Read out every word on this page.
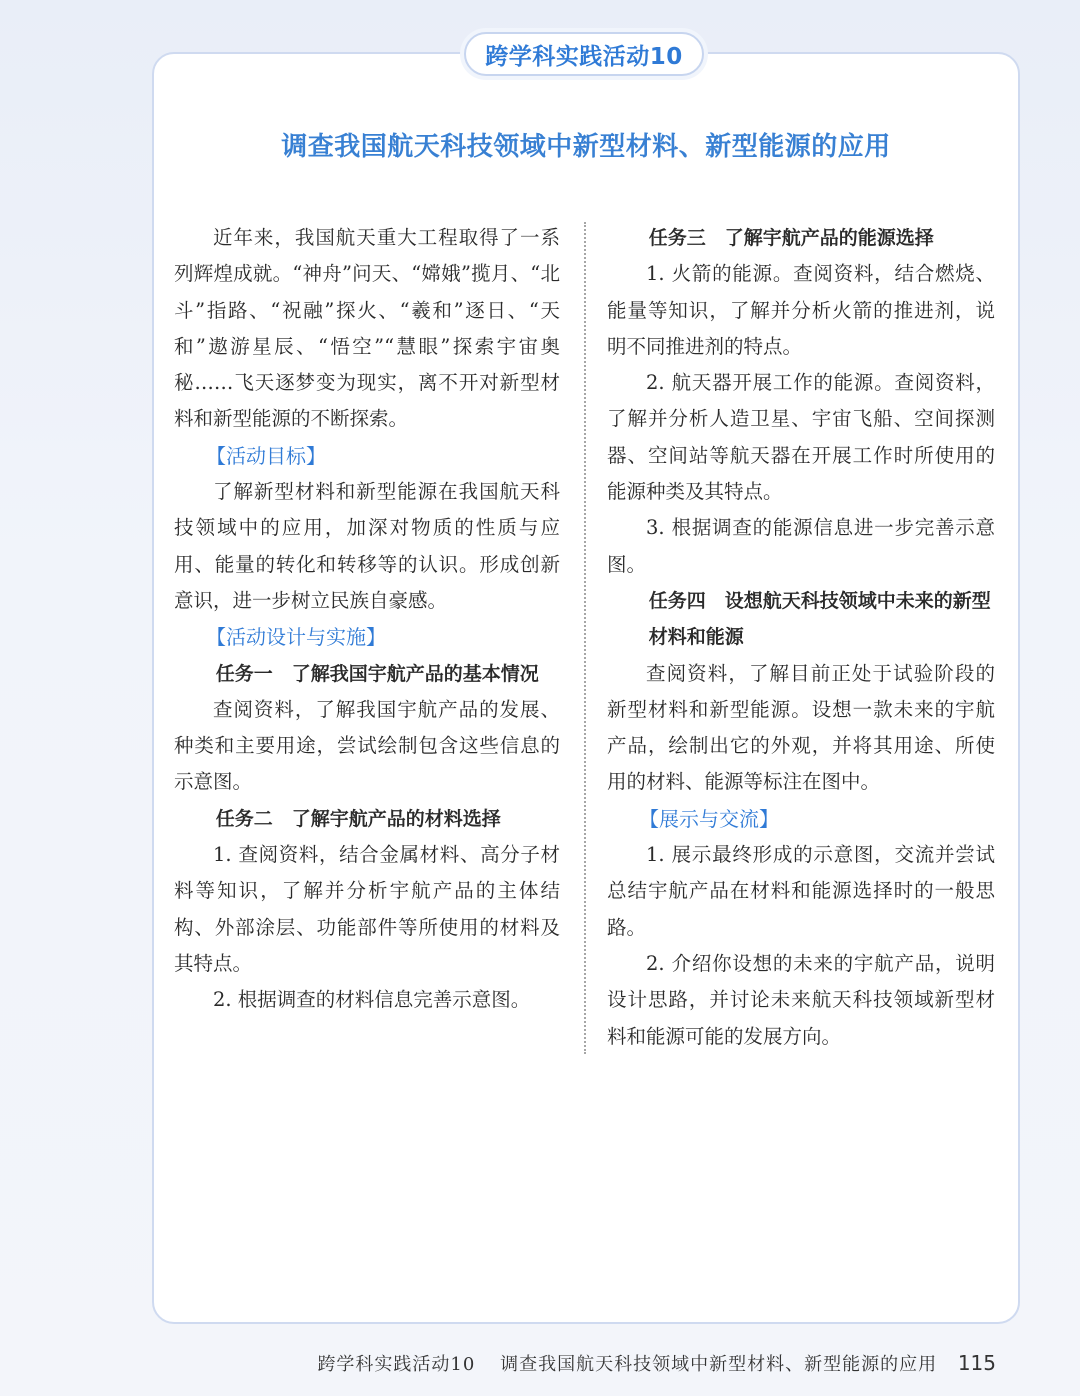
跨学科实践活动10
调查我国航天科技领域中新型材料、新型能源的应用

近年来，我国航天重大工程取得了一系列辉煌成就。“神舟”问天、“嫦娥”揽月、“北斗”指路、“祝融”探火、“羲和”逐日、“天和”遨游星辰、“悟空”“慧眼”探索宇宙奥秘……飞天逐梦变为现实，离不开对新型材料和新型能源的不断探索。

【活动目标】

了解新型材料和新型能源在我国航天科技领域中的应用，加深对物质的性质与应用、能量的转化和转移等的认识。形成创新意识，进一步树立民族自豪感。

【活动设计与实施】

任务一　了解我国宇航产品的基本情况

查阅资料，了解我国宇航产品的发展、种类和主要用途，尝试绘制包含这些信息的示意图。

任务二　了解宇航产品的材料选择

1. 查阅资料，结合金属材料、高分子材料等知识，了解并分析宇航产品的主体结构、外部涂层、功能部件等所使用的材料及其特点。

2. 根据调查的材料信息完善示意图。

任务三　了解宇航产品的能源选择

1. 火箭的能源。查阅资料，结合燃烧、能量等知识，了解并分析火箭的推进剂，说明不同推进剂的特点。

2. 航天器开展工作的能源。查阅资料，了解并分析人造卫星、宇宙飞船、空间探测器、空间站等航天器在开展工作时所使用的能源种类及其特点。

3. 根据调查的能源信息进一步完善示意图。

任务四　设想航天科技领域中未来的新型材料和能源

查阅资料，了解目前正处于试验阶段的新型材料和新型能源。设想一款未来的宇航产品，绘制出它的外观，并将其用途、所使用的材料、能源等标注在图中。

【展示与交流】

1. 展示最终形成的示意图，交流并尝试总结宇航产品在材料和能源选择时的一般思路。

2. 介绍你设想的未来的宇航产品，说明设计思路，并讨论未来航天科技领域新型材料和能源可能的发展方向。

跨学科实践活动10 调查我国航天科技领域中新型材料、新型能源的应用 115
